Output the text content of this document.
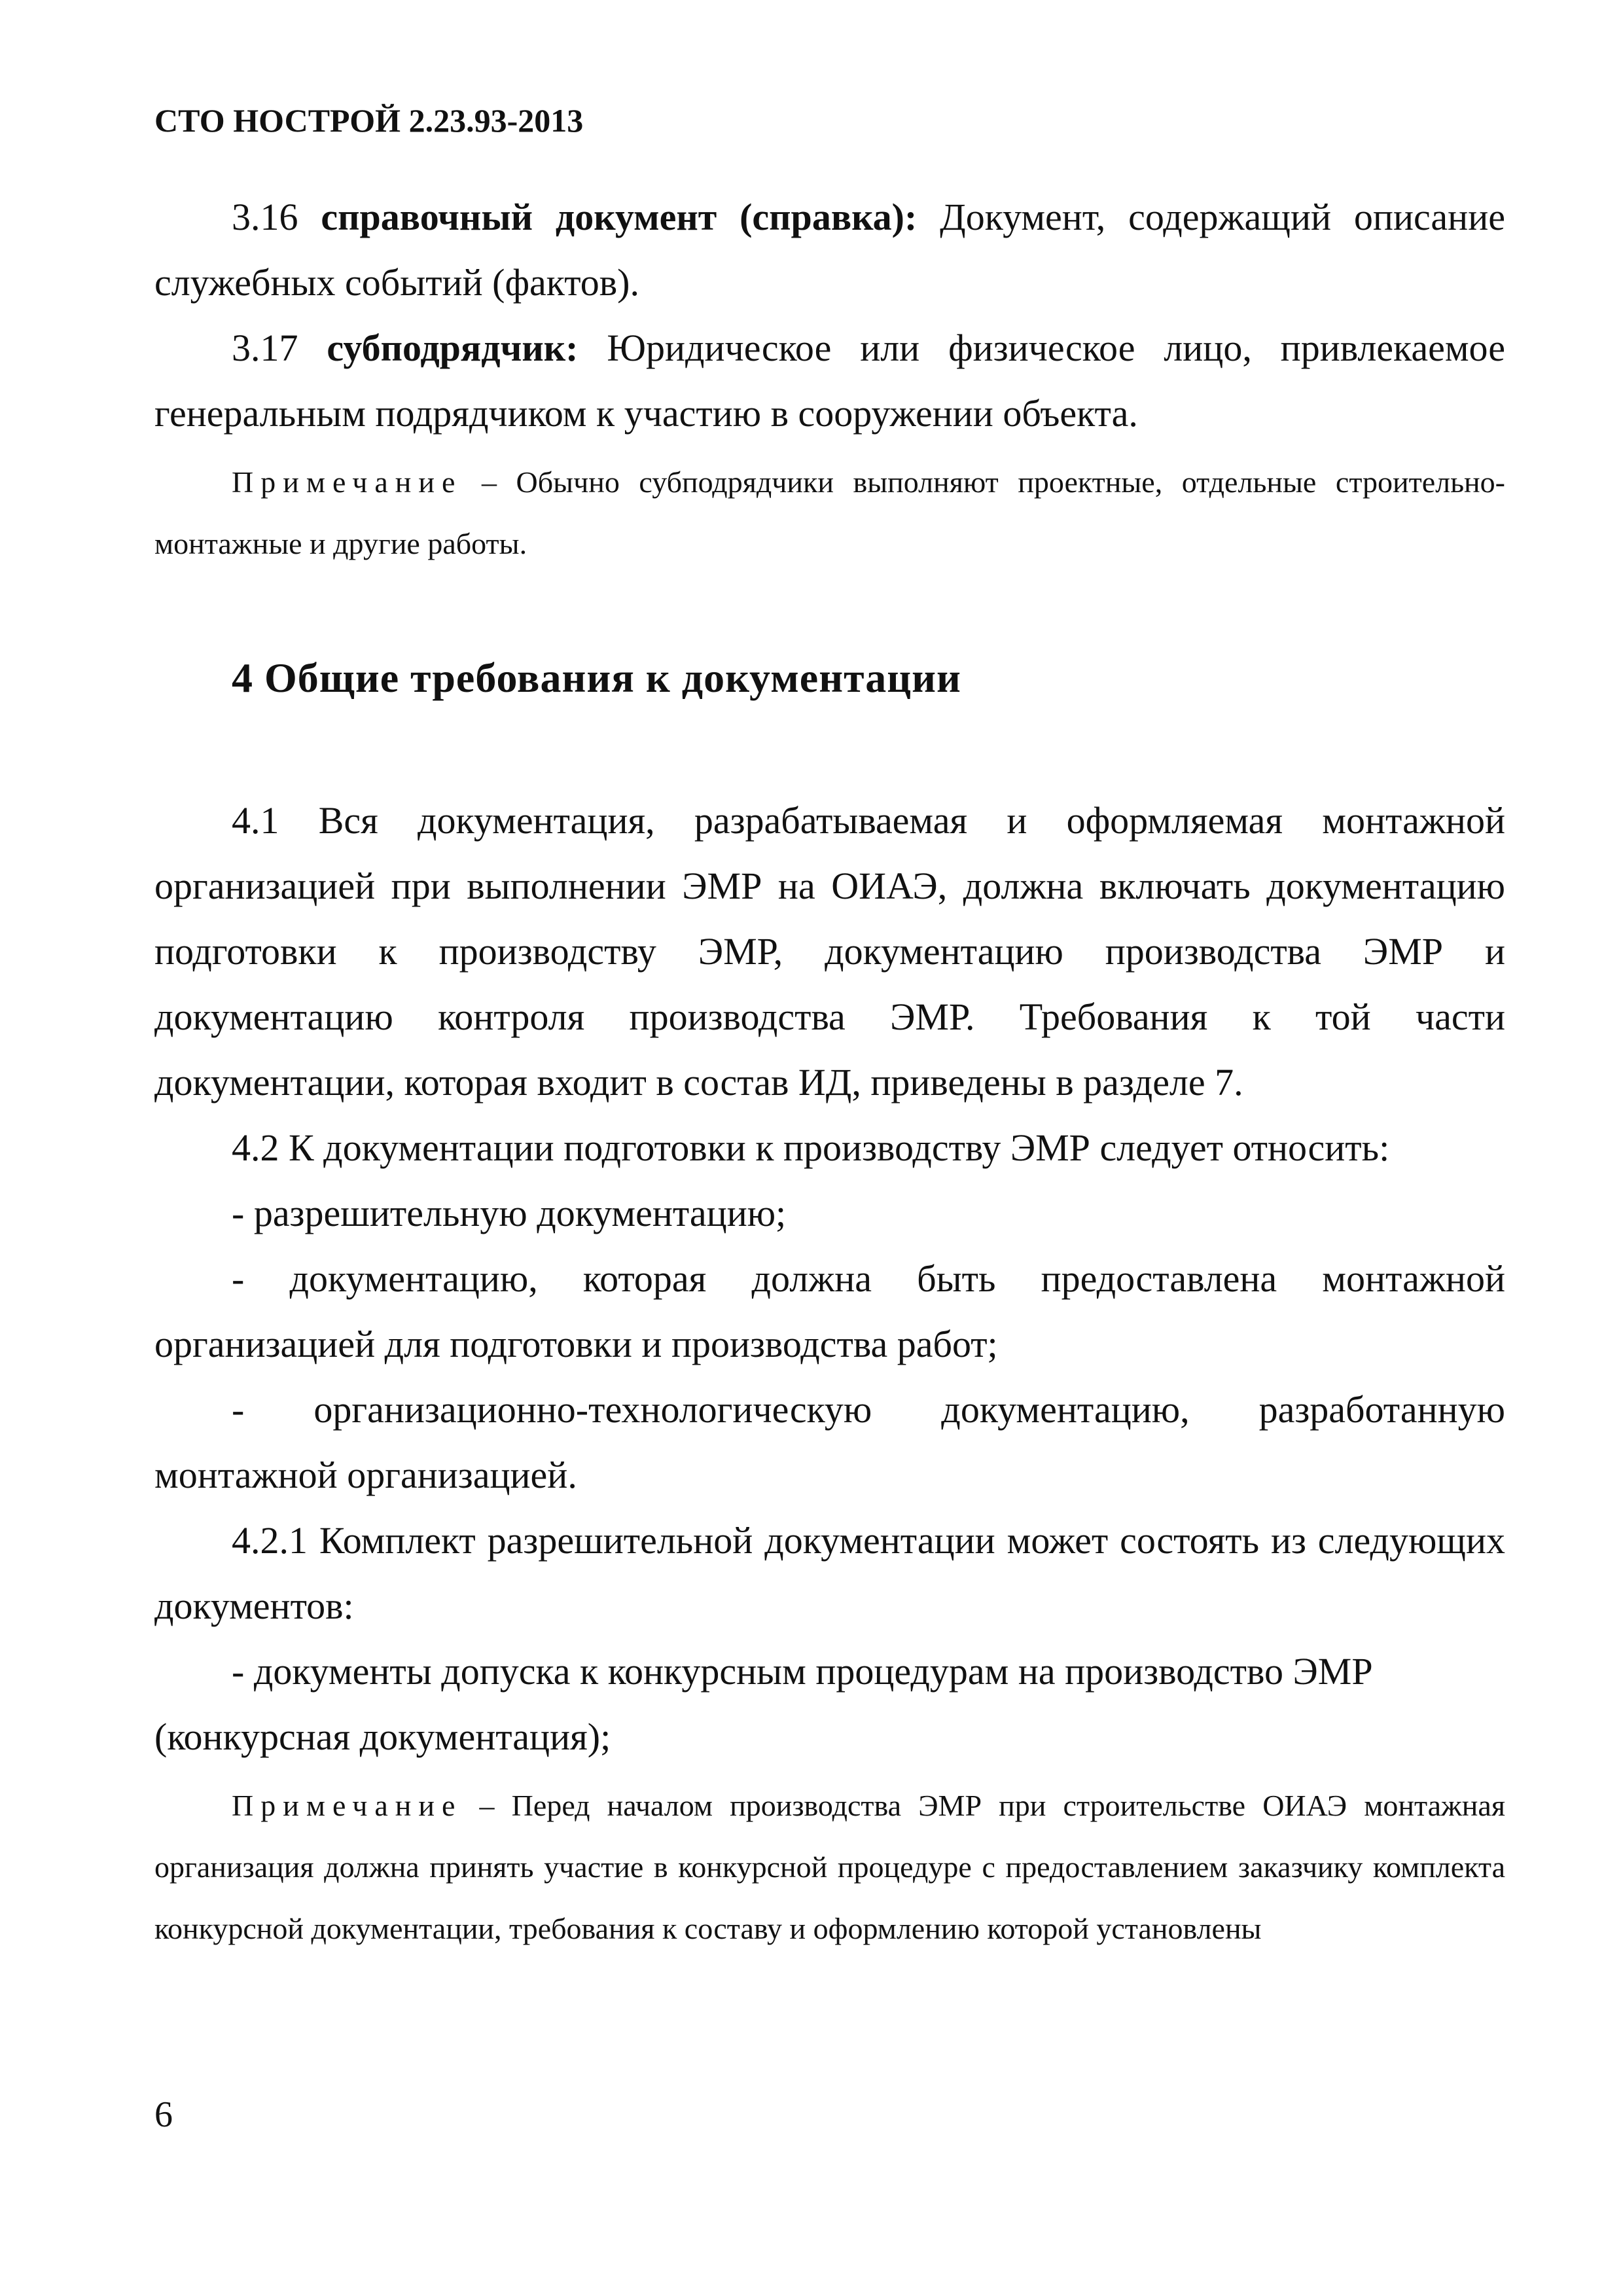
СТО НОСТРОЙ 2.23.93-2013

3.16 справочный документ (справка): Документ, содержащий описание служебных событий (фактов).

3.17 субподрядчик: Юридическое или физическое лицо, привлекаемое генеральным подрядчиком к участию в сооружении объекта.

Примечание – Обычно субподрядчики выполняют проектные, отдельные строительно-монтажные и другие работы.

4 Общие требования к документации

4.1 Вся документация, разрабатываемая и оформляемая монтажной организацией при выполнении ЭМР на ОИАЭ, должна включать документацию подготовки к производству ЭМР, документацию производства ЭМР и документацию контроля производства ЭМР. Требования к той части документации, которая входит в состав ИД, приведены в разделе 7.

4.2 К документации подготовки к производству ЭМР следует относить:

- разрешительную документацию;

- документацию, которая должна быть предоставлена монтажной организацией для подготовки и производства работ;

- организационно-технологическую документацию, разработанную монтажной организацией.

4.2.1 Комплект разрешительной документации может состоять из следующих документов:

- документы допуска к конкурсным процедурам на производство ЭМР

(конкурсная документация);

Примечание – Перед началом производства ЭМР при строительстве ОИАЭ монтажная организация должна принять участие в конкурсной процедуре с предоставлением заказчику комплекта конкурсной документации, требования к составу и оформлению которой установлены

6
